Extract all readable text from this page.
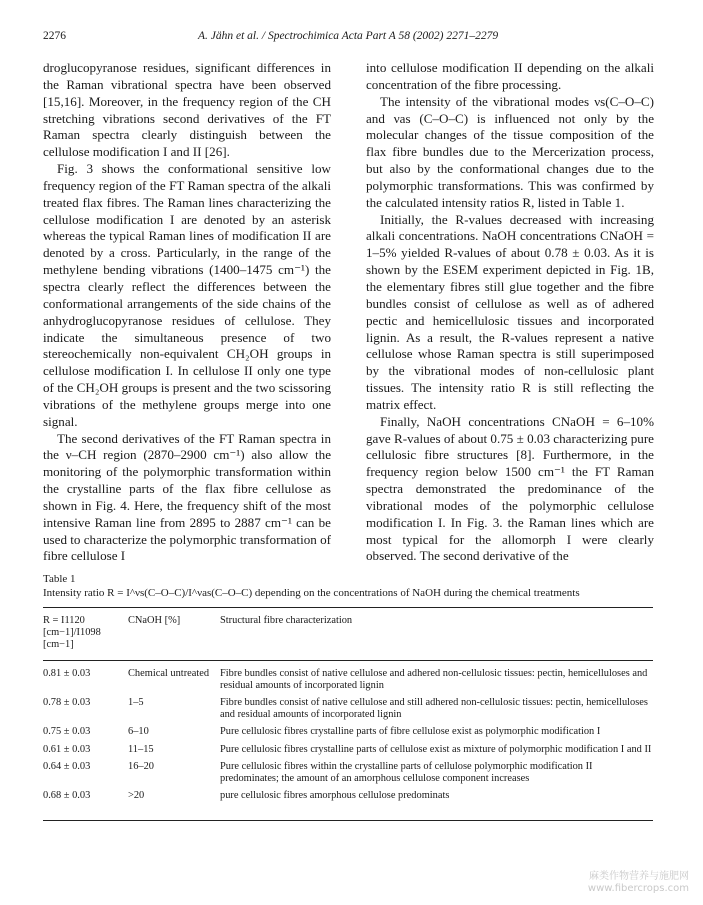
2276	A. Jähn et al. / Spectrochimica Acta Part A 58 (2002) 2271–2279

droglucopyranose residues, significant differences in the Raman vibrational spectra have been observed [15,16]. Moreover, in the frequency region of the CH stretching vibrations second derivatives of the FT Raman spectra clearly distinguish between the cellulose modification I and II [26].

Fig. 3 shows the conformational sensitive low frequency region of the FT Raman spectra of the alkali treated flax fibres. The Raman lines characterizing the cellulose modification I are denoted by an asterisk whereas the typical Raman lines of modification II are denoted by a cross. Particularly, in the range of the methylene bending vibrations (1400–1475 cm⁻¹) the spectra clearly reflect the differences between the conformational arrangements of the side chains of the anhydroglucopyranose residues of cellulose. They indicate the simultaneous presence of two stereochemically non-equivalent CH₂OH groups in cellulose modification I. In cellulose II only one type of the CH₂OH groups is present and the two scissoring vibrations of the methylene groups merge into one signal.

The second derivatives of the FT Raman spectra in the ν–CH region (2870–2900 cm⁻¹) also allow the monitoring of the polymorphic transformation within the crystalline parts of the flax fibre cellulose as shown in Fig. 4. Here, the frequency shift of the most intensive Raman line from 2895 to 2887 cm⁻¹ can be used to characterize the polymorphic transformation of fibre cellulose I

into cellulose modification II depending on the alkali concentration of the fibre processing.

The intensity of the vibrational modes νs(C–O–C) and νas (C–O–C) is influenced not only by the molecular changes of the tissue composition of the flax fibre bundles due to the Mercerization process, but also by the conformational changes due to the polymorphic transformations. This was confirmed by the calculated intensity ratios R, listed in Table 1.

Initially, the R-values decreased with increasing alkali concentrations. NaOH concentrations CNaOH = 1–5% yielded R-values of about 0.78 ± 0.03. As it is shown by the ESEM experiment depicted in Fig. 1B, the elementary fibres still glue together and the fibre bundles consist of cellulose as well as of adhered pectic and hemicellulosic tissues and incorporated lignin. As a result, the R-values represent a native cellulose whose Raman spectra is still superimposed by the vibrational modes of non-cellulosic plant tissues. The intensity ratio R is still reflecting the matrix effect.

Finally, NaOH concentrations CNaOH = 6–10% gave R-values of about 0.75 ± 0.03 characterizing pure cellulosic fibre structures [8]. Furthermore, in the frequency region below 1500 cm⁻¹ the FT Raman spectra demonstrated the predominance of the vibrational modes of the polymorphic cellulose modification I. In Fig. 3. the Raman lines which are most typical for the allomorph I were clearly observed. The second derivative of the

Table 1
Intensity ratio R = I^νs(C–O–C)/I^νas(C–O–C) depending on the concentrations of NaOH during the chemical treatments
R = I1120 [cm−1]/I1098 [cm−1]	CNaOH [%]	Structural fibre characterization
0.81 ± 0.03	Chemical untreated	Fibre bundles consist of native cellulose and adhered non-cellulosic tissues: pectin, hemicelluloses and residual amounts of incorporated lignin
0.78 ± 0.03	1–5	Fibre bundles consist of native cellulose and still adhered non-cellulosic tissues: pectin, hemicelluloses and residual amounts of incorporated lignin
0.75 ± 0.03	6–10	Pure cellulosic fibres crystalline parts of fibre cellulose exist as polymorphic modification I
0.61 ± 0.03	11–15	Pure cellulosic fibres crystalline parts of cellulose exist as mixture of polymorphic modification I and II
0.64 ± 0.03	16–20	Pure cellulosic fibres within the crystalline parts of cellulose polymorphic modification II predominates; the amount of an amorphous cellulose component increases
0.68 ± 0.03	>20	pure cellulosic fibres amorphous cellulose predominats
麻类作物营养与施肥网
www.fibercrops.com
